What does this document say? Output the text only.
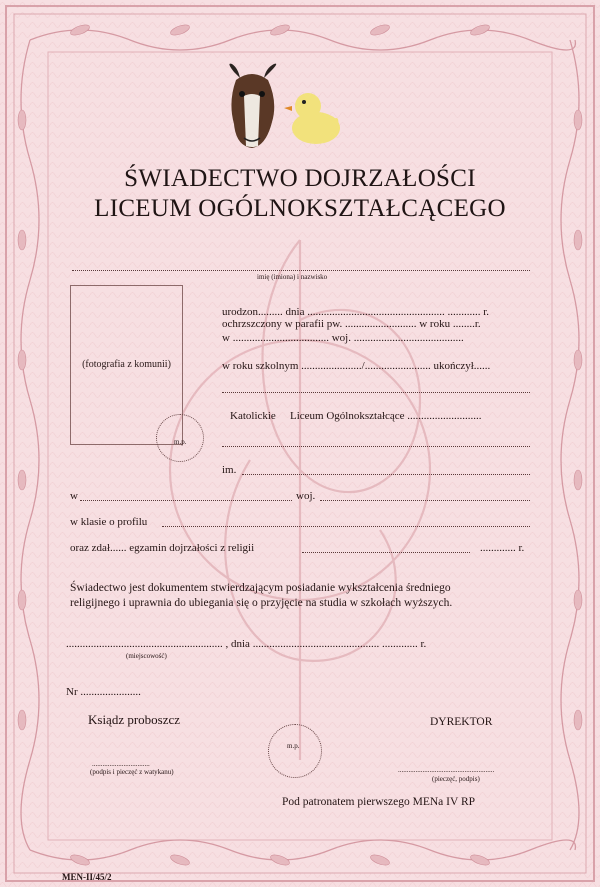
ŚWIADECTWO DOJRZAŁOŚCI
LICEUM OGÓLNOKSZTAŁCĄCEGO
imię (imiona) i nazwisko
(fotografia z komunii)
m.p.
urodzon......... dnia .................................................. ............ r.
ochrzszczony w parafii pw. .......................... w roku ........r.
w ................................... woj. ........................................
w roku szkolnym ....................../........................ ukończył......
Katolickie Liceum Ogólnokształcące ...........................
im.
w	woj.
w klasie o profilu
oraz zdał...... egzamin dojrzałości z religii	............. r.
Świadectwo jest dokumentem stwierdzającym posiadanie wykształcenia średniego
religijnego i uprawnia do ubiegania się o przyjęcie na studia w szkołach wyższych.
......................................................... , dnia .............................................. ............. r.
(miejscowość)
Nr ......................
Ksiądz proboszcz	DYREKTOR
m.p.
.................................
(podpis i pieczęć z watykanu)	.......................................................
(pieczęć, podpis)
Pod patronatem pierwszego MENa IV RP
MEN-II/45/2
